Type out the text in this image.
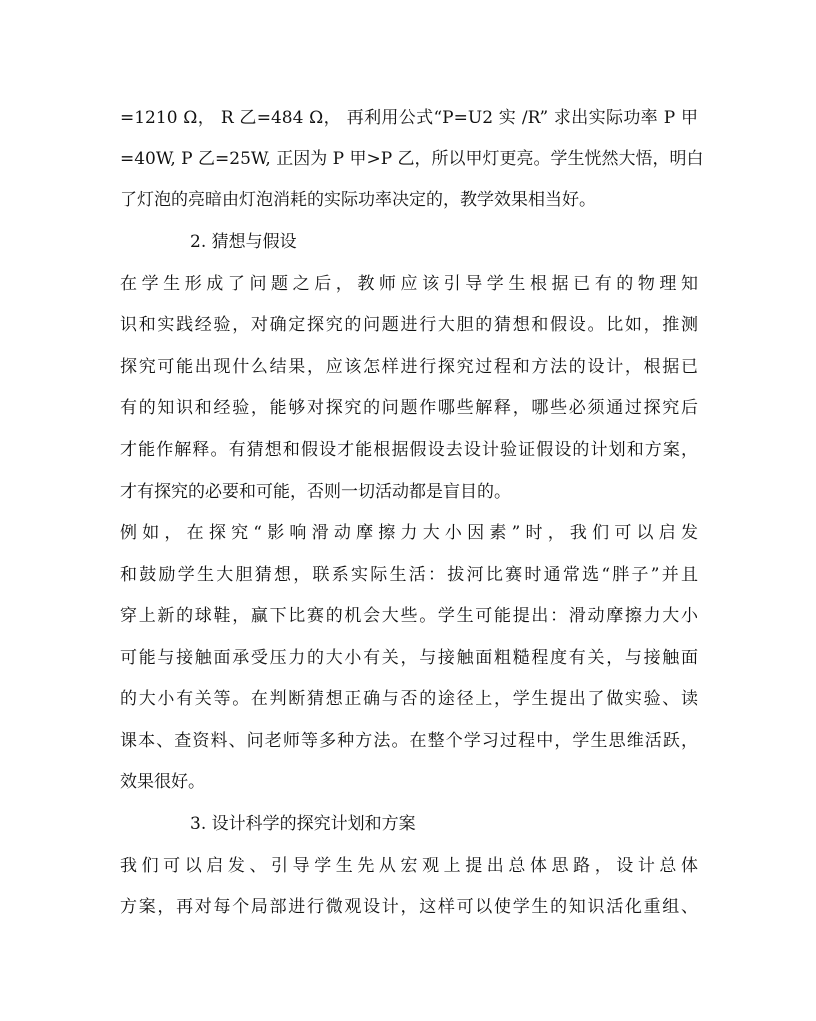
=1210 Ω， R 乙=484 Ω， 再利用公式“P=U2 实 /R” 求出实际功率 P 甲
=40W, P 乙=25W, 正因为 P 甲>P 乙，所以甲灯更亮。学生恍然大悟，明白
了灯泡的亮暗由灯泡消耗的实际功率决定的，教学效果相当好。
2. 猜想与假设
在学生形成了问题之后，教师应该引导学生根据已有的物理知
识和实践经验，对确定探究的问题进行大胆的猜想和假设。比如，推测
探究可能出现什么结果，应该怎样进行探究过程和方法的设计，根据已
有的知识和经验，能够对探究的问题作哪些解释，哪些必须通过探究后
才能作解释。有猜想和假设才能根据假设去设计验证假设的计划和方案，
才有探究的必要和可能，否则一切活动都是盲目的。
例如，在探究“影响滑动摩擦力大小因素”时，我们可以启发
和鼓励学生大胆猜想，联系实际生活：拔河比赛时通常选“胖子”并且
穿上新的球鞋，赢下比赛的机会大些。学生可能提出：滑动摩擦力大小
可能与接触面承受压力的大小有关，与接触面粗糙程度有关，与接触面
的大小有关等。在判断猜想正确与否的途径上，学生提出了做实验、读
课本、查资料、问老师等多种方法。在整个学习过程中，学生思维活跃，
效果很好。
3. 设计科学的探究计划和方案
我们可以启发、引导学生先从宏观上提出总体思路，设计总体
方案，再对每个局部进行微观设计，这样可以使学生的知识活化重组、
